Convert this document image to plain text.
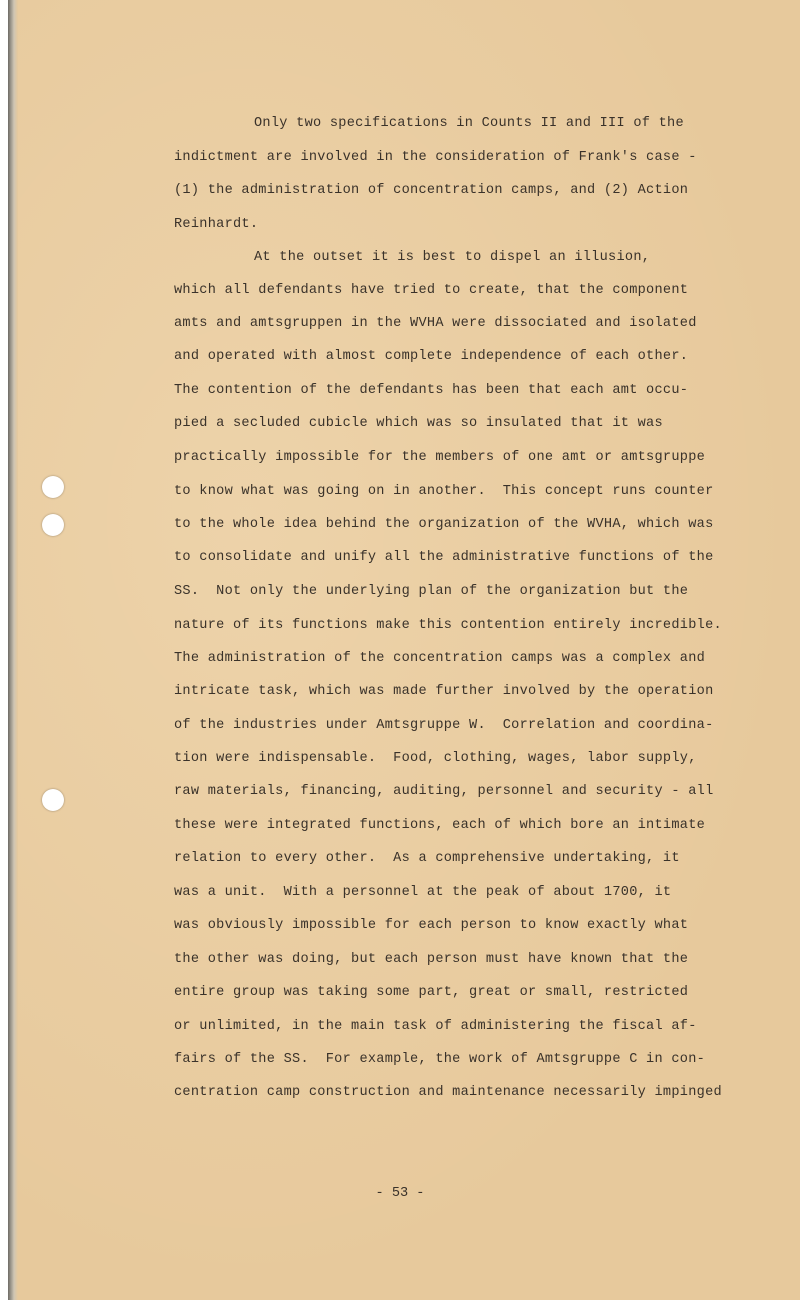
Only two specifications in Counts II and III of the

indictment are involved in the consideration of Frank's case -

(1) the administration of concentration camps, and (2) Action

Reinhardt.

At the outset it is best to dispel an illusion,

which all defendants have tried to create, that the component

amts and amtsgruppen in the WVHA were dissociated and isolated

and operated with almost complete independence of each other.

The contention of the defendants has been that each amt occu-

pied a secluded cubicle which was so insulated that it was

practically impossible for the members of one amt or amtsgruppe

to know what was going on in another.  This concept runs counter

to the whole idea behind the organization of the WVHA, which was

to consolidate and unify all the administrative functions of the

SS.  Not only the underlying plan of the organization but the

nature of its functions make this contention entirely incredible.

The administration of the concentration camps was a complex and

intricate task, which was made further involved by the operation

of the industries under Amtsgruppe W.  Correlation and coordina-

tion were indispensable.  Food, clothing, wages, labor supply,

raw materials, financing, auditing, personnel and security - all

these were integrated functions, each of which bore an intimate

relation to every other.  As a comprehensive undertaking, it

was a unit.  With a personnel at the peak of about 1700, it

was obviously impossible for each person to know exactly what

the other was doing, but each person must have known that the

entire group was taking some part, great or small, restricted

or unlimited, in the main task of administering the fiscal af-

fairs of the SS.  For example, the work of Amtsgruppe C in con-

centration camp construction and maintenance necessarily impinged

- 53 -
